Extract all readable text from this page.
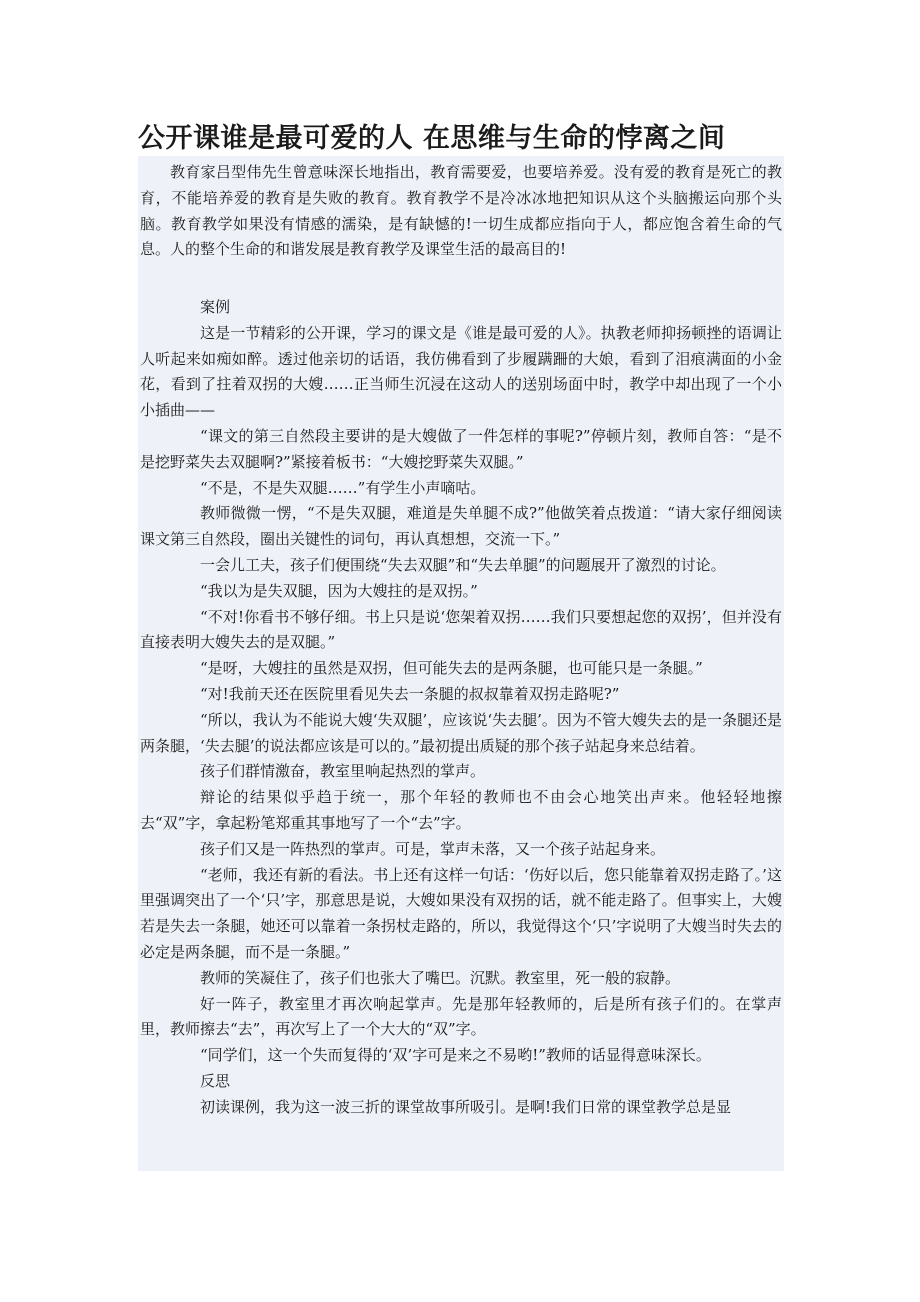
公开课谁是最可爱的人 在思维与生命的悖离之间

教育家吕型伟先生曾意味深长地指出，教育需要爱，也要培养爱。没有爱的教育是死亡的教育，不能培养爱的教育是失败的教育。教育教学不是冷冰冰地把知识从这个头脑搬运向那个头脑。教育教学如果没有情感的濡染，是有缺憾的!一切生成都应指向于人，都应饱含着生命的气息。人的整个生命的和谐发展是教育教学及课堂生活的最高目的!

案例

这是一节精彩的公开课，学习的课文是《谁是最可爱的人》。执教老师抑扬顿挫的语调让人听起来如痴如醉。透过他亲切的话语，我仿佛看到了步履蹒跚的大娘，看到了泪痕满面的小金花，看到了拄着双拐的大嫂……正当师生沉浸在这动人的送别场面中时，教学中却出现了一个小小插曲——

“课文的第三自然段主要讲的是大嫂做了一件怎样的事呢?”停顿片刻，教师自答：“是不是挖野菜失去双腿啊?”紧接着板书：“大嫂挖野菜失双腿。”

“不是，不是失双腿……”有学生小声嘀咕。

教师微微一愣，“不是失双腿，难道是失单腿不成?”他做笑着点拨道：“请大家仔细阅读课文第三自然段，圈出关键性的词句，再认真想想，交流一下。”

一会儿工夫，孩子们便围绕“失去双腿”和“失去单腿”的问题展开了激烈的讨论。

“我以为是失双腿，因为大嫂拄的是双拐。”

“不对!你看书不够仔细。书上只是说‘您架着双拐……我们只要想起您的双拐’，但并没有直接表明大嫂失去的是双腿。”

“是呀，大嫂拄的虽然是双拐，但可能失去的是两条腿，也可能只是一条腿。”

“对!我前天还在医院里看见失去一条腿的叔叔靠着双拐走路呢?”

“所以，我认为不能说大嫂‘失双腿’，应该说‘失去腿’。因为不管大嫂失去的是一条腿还是两条腿，‘失去腿’的说法都应该是可以的。”最初提出质疑的那个孩子站起身来总结着。

孩子们群情激奋，教室里响起热烈的掌声。

辩论的结果似乎趋于统一，那个年轻的教师也不由会心地笑出声来。他轻轻地擦去“双”字，拿起粉笔郑重其事地写了一个“去”字。

孩子们又是一阵热烈的掌声。可是，掌声未落，又一个孩子站起身来。

“老师，我还有新的看法。书上还有这样一句话：‘伤好以后，您只能靠着双拐走路了。’这里强调突出了一个‘只’字，那意思是说，大嫂如果没有双拐的话，就不能走路了。但事实上，大嫂若是失去一条腿，她还可以靠着一条拐杖走路的，所以，我觉得这个‘只’字说明了大嫂当时失去的必定是两条腿，而不是一条腿。”

教师的笑凝住了，孩子们也张大了嘴巴。沉默。教室里，死一般的寂静。

好一阵子，教室里才再次响起掌声。先是那年轻教师的，后是所有孩子们的。在掌声里，教师擦去“去”，再次写上了一个大大的“双”字。

“同学们，这一个失而复得的‘双’字可是来之不易哟!”教师的话显得意味深长。

反思

初读课例，我为这一波三折的课堂故事所吸引。是啊!我们日常的课堂教学总是显
